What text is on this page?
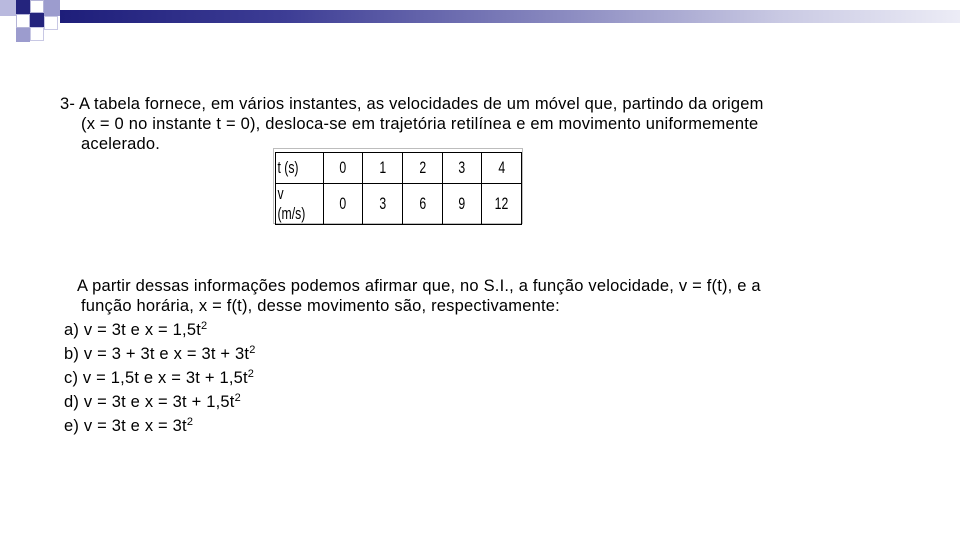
3- A tabela fornece, em vários instantes, as velocidades de um móvel que, partindo da origem
(x = 0 no instante t = 0), desloca-se em trajetória retilínea e em movimento uniformemente
acelerado.
t (s)	0	1	2	3	4
v (m/s)	0	3	6	9	12
A partir dessas informações podemos afirmar que, no S.I., a função velocidade, v = f(t), e a
função horária, x = f(t), desse movimento são, respectivamente:
a) v = 3t e $x = 1,5t^2$
b) v = 3 + 3t e $x = 3t + 3t^2$
c) v = 1,5t e $x = 3t + 1,5t^2$
d) v = 3t e $x = 3t + 1,5t^2$
e) v = 3t e $x = 3t^2$
